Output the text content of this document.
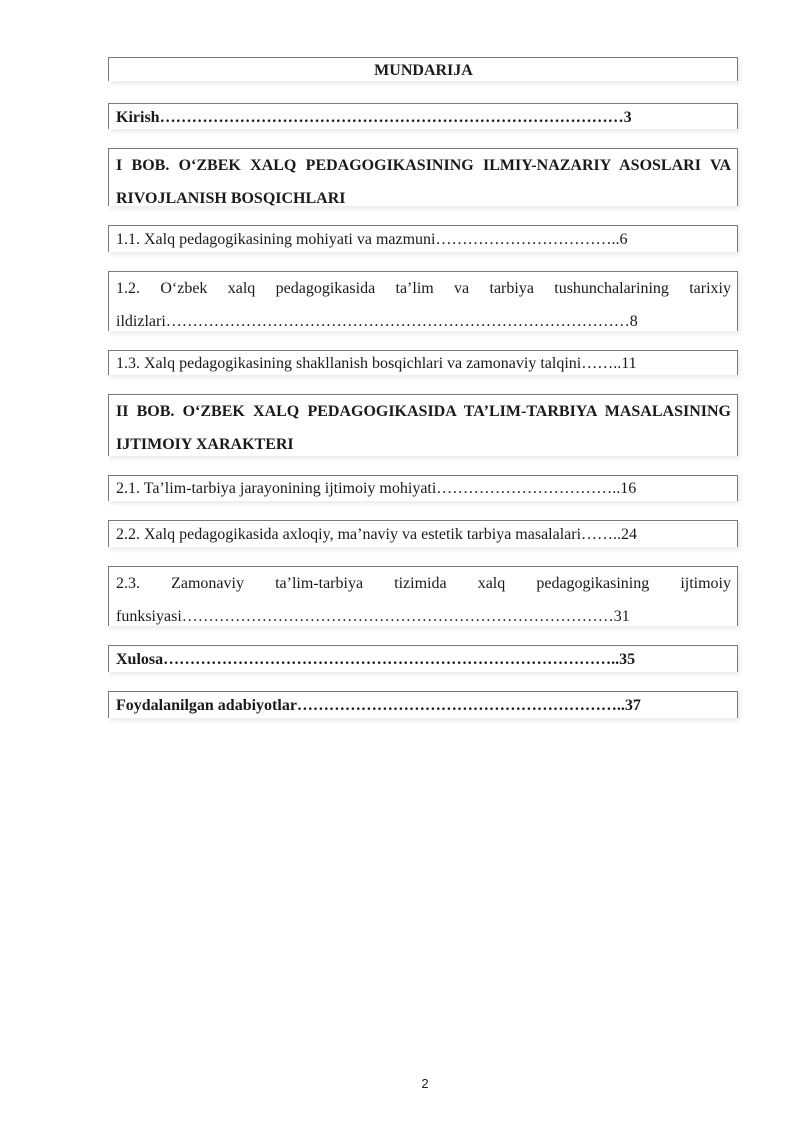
MUNDARIJA
Kirish……………………………………………………………………………3
I BOB. O‘ZBEK XALQ PEDAGOGIKASINING ILMIY-NAZARIY ASOSLARI VA RIVOJLANISH BOSQICHLARI
1.1. Xalq pedagogikasining mohiyati va mazmuni……………………………..6
1.2. O‘zbek xalq pedagogikasida ta’lim va tarbiya tushunchalarining tarixiy ildizlari……………………………………………………………………………8
1.3. Xalq pedagogikasining shakllanish bosqichlari va zamonaviy talqini……..11
II BOB. O‘ZBEK XALQ PEDAGOGIKASIDA TA’LIM-TARBIYA MASALASINING IJTIMOIY XARAKTERI
2.1. Ta’lim-tarbiya jarayonining ijtimoiy mohiyati……………………………..16
2.2. Xalq pedagogikasida axloqiy, ma’naviy va estetik tarbiya masalalari……..24
2.3. Zamonaviy ta’lim-tarbiya tizimida xalq pedagogikasining ijtimoiy funksiyasi………………………………………………………………………31
Xulosa…………………………………………………………………………..35
Foydalanilgan adabiyotlar……………………………………………………..37
2
